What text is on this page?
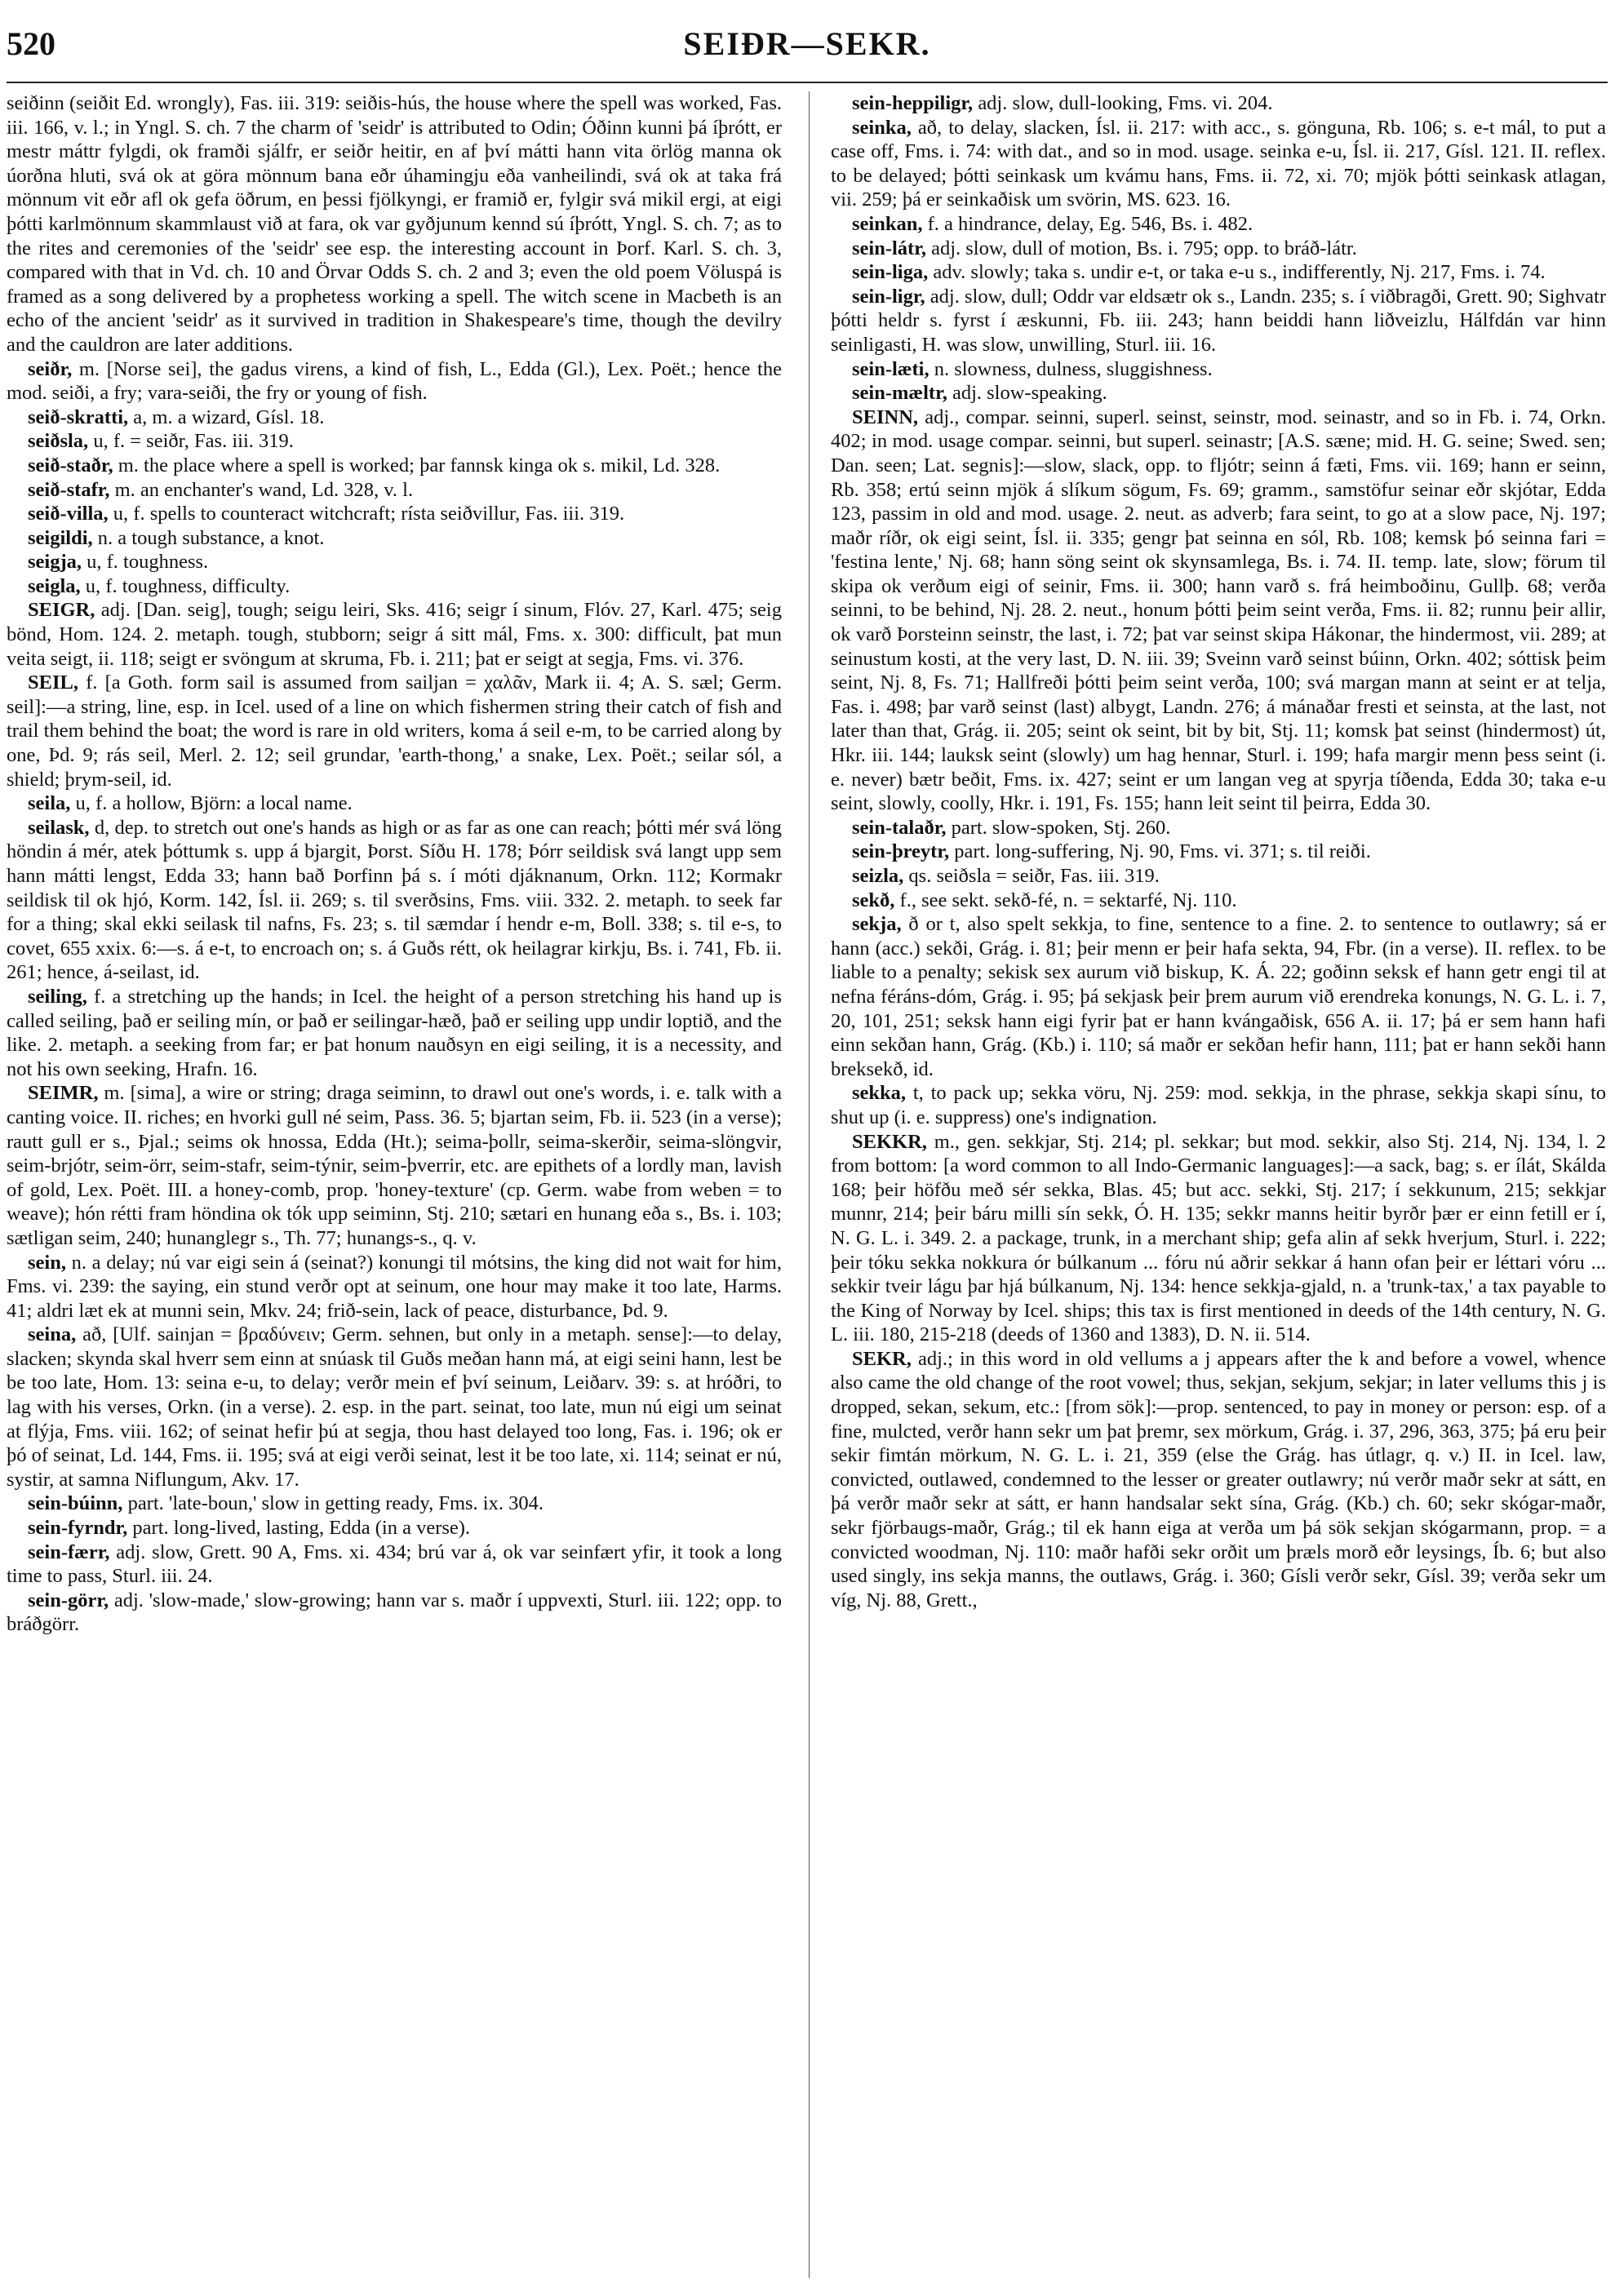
520	SEIÐR—SEKR.

seiðinn (seiðit Ed. wrongly), Fas. iii. 319: seiðis-hús, the house where the spell was worked, Fas. iii. 166, v. l.; in Yngl. S. ch. 7 the charm of 'seidr' is attributed to Odin; Óðinn kunni þá íþrótt, er mestr máttr fylgdi, ok framði sjálfr, er seiðr heitir, en af því mátti hann vita örlög manna ok úorðna hluti, svá ok at göra mönnum bana eðr úhamingju eða vanheilindi, svá ok at taka frá mönnum vit eðr afl ok gefa öðrum, en þessi fjölkyngi, er framið er, fylgir svá mikil ergi, at eigi þótti karlmönnum skammlaust við at fara, ok var gyðjunum kennd sú íþrótt, Yngl. S. ch. 7; as to the rites and ceremonies of the 'seidr' see esp. the interesting account in Þorf. Karl. S. ch. 3, compared with that in Vd. ch. 10 and Örvar Odds S. ch. 2 and 3; even the old poem Völuspá is framed as a song delivered by a prophetess working a spell. The witch scene in Macbeth is an echo of the ancient 'seidr' as it survived in tradition in Shakespeare's time, though the devilry and the cauldron are later additions.

seiðr, m. [Norse sei], the gadus virens, a kind of fish, L., Edda (Gl.), Lex. Poët.; hence the mod. seiði, a fry; vara-seiði, the fry or young of fish.

seið-skratti, a, m. a wizard, Gísl. 18.

seiðsla, u, f. = seiðr, Fas. iii. 319.

seið-staðr, m. the place where a spell is worked; þar fannsk kinga ok s. mikil, Ld. 328.

seið-stafr, m. an enchanter's wand, Ld. 328, v. l.

seið-villa, u, f. spells to counteract witchcraft; rísta seiðvillur, Fas. iii. 319.

seigildi, n. a tough substance, a knot.

seigja, u, f. toughness.

seigla, u, f. toughness, difficulty.

SEIGR, adj. [Dan. seig], tough; seigu leiri, Sks. 416; seigr í sinum, Flóv. 27, Karl. 475; seig bönd, Hom. 124. 2. metaph. tough, stubborn; seigr á sitt mál, Fms. x. 300: difficult, þat mun veita seigt, ii. 118; seigt er svöngum at skruma, Fb. i. 211; þat er seigt at segja, Fms. vi. 376.

SEIL, f. [a Goth. form sail is assumed from sailjan = χαλᾶν, Mark ii. 4; A. S. sæl; Germ. seil]:—a string, line, esp. in Icel. used of a line on which fishermen string their catch of fish and trail them behind the boat; the word is rare in old writers, koma á seil e-m, to be carried along by one, Þd. 9; rás seil, Merl. 2. 12; seil grundar, 'earth-thong,' a snake, Lex. Poët.; seilar sól, a shield; þrym-seil, id.

seila, u, f. a hollow, Björn: a local name.

seilask, d, dep. to stretch out one's hands as high or as far as one can reach; þótti mér svá löng höndin á mér, atek þóttumk s. upp á bjargit, Þorst. Síðu H. 178; Þórr seildisk svá langt upp sem hann mátti lengst, Edda 33; hann bað Þorfinn þá s. í móti djáknanum, Orkn. 112; Kormakr seildisk til ok hjó, Korm. 142, Ísl. ii. 269; s. til sverðsins, Fms. viii. 332. 2. metaph. to seek far for a thing; skal ekki seilask til nafns, Fs. 23; s. til sæmdar í hendr e-m, Boll. 338; s. til e-s, to covet, 655 xxix. 6:—s. á e-t, to encroach on; s. á Guðs rétt, ok heilagrar kirkju, Bs. i. 741, Fb. ii. 261; hence, á-seilast, id.

seiling, f. a stretching up the hands; in Icel. the height of a person stretching his hand up is called seiling, það er seiling mín, or það er seilingar-hæð, það er seiling upp undir loptið, and the like. 2. metaph. a seeking from far; er þat honum nauðsyn en eigi seiling, it is a necessity, and not his own seeking, Hrafn. 16.

SEIMR, m. [sima], a wire or string; draga seiminn, to drawl out one's words, i. e. talk with a canting voice. II. riches; en hvorki gull né seim, Pass. 36. 5; bjartan seim, Fb. ii. 523 (in a verse); rautt gull er s., Þjal.; seims ok hnossa, Edda (Ht.); seima-þollr, seima-skerðir, seima-slöngvir, seim-brjótr, seim-örr, seim-stafr, seim-týnir, seim-þverrir, etc. are epithets of a lordly man, lavish of gold, Lex. Poët. III. a honey-comb, prop. 'honey-texture' (cp. Germ. wabe from weben = to weave); hón rétti fram höndina ok tók upp seiminn, Stj. 210; sætari en hunang eða s., Bs. i. 103; sætligan seim, 240; hunanglegr s., Th. 77; hunangs-s., q. v.

sein, n. a delay; nú var eigi sein á (seinat?) konungi til mótsins, the king did not wait for him, Fms. vi. 239: the saying, ein stund verðr opt at seinum, one hour may make it too late, Harms. 41; aldri læt ek at munni sein, Mkv. 24; frið-sein, lack of peace, disturbance, Þd. 9.

seina, að, [Ulf. sainjan = βραδύνειν; Germ. sehnen, but only in a metaph. sense]:—to delay, slacken; skynda skal hverr sem einn at snúask til Guðs meðan hann má, at eigi seini hann, lest be be too late, Hom. 13: seina e-u, to delay; verðr mein ef því seinum, Leiðarv. 39: s. at hróðri, to lag with his verses, Orkn. (in a verse). 2. esp. in the part. seinat, too late, mun nú eigi um seinat at flýja, Fms. viii. 162; of seinat hefir þú at segja, thou hast delayed too long, Fas. i. 196; ok er þó of seinat, Ld. 144, Fms. ii. 195; svá at eigi verði seinat, lest it be too late, xi. 114; seinat er nú, systir, at samna Niflungum, Akv. 17.

sein-búinn, part. 'late-boun,' slow in getting ready, Fms. ix. 304.

sein-fyrndr, part. long-lived, lasting, Edda (in a verse).

sein-færr, adj. slow, Grett. 90 A, Fms. xi. 434; brú var á, ok var seinfært yfir, it took a long time to pass, Sturl. iii. 24.

sein-görr, adj. 'slow-made,' slow-growing; hann var s. maðr í uppvexti, Sturl. iii. 122; opp. to bráðgörr.

sein-heppiligr, adj. slow, dull-looking, Fms. vi. 204.

seinka, að, to delay, slacken, Ísl. ii. 217: with acc., s. gönguna, Rb. 106; s. e-t mál, to put a case off, Fms. i. 74: with dat., and so in mod. usage. seinka e-u, Ísl. ii. 217, Gísl. 121. II. reflex. to be delayed; þótti seinkask um kvámu hans, Fms. ii. 72, xi. 70; mjök þótti seinkask atlagan, vii. 259; þá er seinkaðisk um svörin, MS. 623. 16.

seinkan, f. a hindrance, delay, Eg. 546, Bs. i. 482.

sein-látr, adj. slow, dull of motion, Bs. i. 795; opp. to bráð-látr.

sein-liga, adv. slowly; taka s. undir e-t, or taka e-u s., indifferently, Nj. 217, Fms. i. 74.

sein-ligr, adj. slow, dull; Oddr var eldsætr ok s., Landn. 235; s. í viðbragði, Grett. 90; Sighvatr þótti heldr s. fyrst í æskunni, Fb. iii. 243; hann beiddi hann liðveizlu, Hálfdán var hinn seinligasti, H. was slow, unwilling, Sturl. iii. 16.

sein-læti, n. slowness, dulness, sluggishness.

sein-mæltr, adj. slow-speaking.

SEINN, adj., compar. seinni, superl. seinst, seinstr, mod. seinastr, and so in Fb. i. 74, Orkn. 402; in mod. usage compar. seinni, but superl. seinastr; [A.S. sæne; mid. H. G. seine; Swed. sen; Dan. seen; Lat. segnis]:—slow, slack, opp. to fljótr; seinn á fæti, Fms. vii. 169; hann er seinn, Rb. 358; ertú seinn mjök á slíkum sögum, Fs. 69; gramm., samstöfur seinar eðr skjótar, Edda 123, passim in old and mod. usage. 2. neut. as adverb; fara seint, to go at a slow pace, Nj. 197; maðr ríðr, ok eigi seint, Ísl. ii. 335; gengr þat seinna en sól, Rb. 108; kemsk þó seinna fari = 'festina lente,' Nj. 68; hann söng seint ok skynsamlega, Bs. i. 74. II. temp. late, slow; förum til skipa ok verðum eigi of seinir, Fms. ii. 300; hann varð s. frá heimboðinu, Gullþ. 68; verða seinni, to be behind, Nj. 28. 2. neut., honum þótti þeim seint verða, Fms. ii. 82; runnu þeir allir, ok varð Þorsteinn seinstr, the last, i. 72; þat var seinst skipa Hákonar, the hindermost, vii. 289; at seinustum kosti, at the very last, D. N. iii. 39; Sveinn varð seinst búinn, Orkn. 402; sóttisk þeim seint, Nj. 8, Fs. 71; Hallfreði þótti þeim seint verða, 100; svá margan mann at seint er at telja, Fas. i. 498; þar varð seinst (last) albygt, Landn. 276; á mánaðar fresti et seinsta, at the last, not later than that, Grág. ii. 205; seint ok seint, bit by bit, Stj. 11; komsk þat seinst (hindermost) út, Hkr. iii. 144; lauksk seint (slowly) um hag hennar, Sturl. i. 199; hafa margir menn þess seint (i. e. never) bætr beðit, Fms. ix. 427; seint er um langan veg at spyrja tíðenda, Edda 30; taka e-u seint, slowly, coolly, Hkr. i. 191, Fs. 155; hann leit seint til þeirra, Edda 30.

sein-talaðr, part. slow-spoken, Stj. 260.

sein-þreytr, part. long-suffering, Nj. 90, Fms. vi. 371; s. til reiði.

seizla, qs. seiðsla = seiðr, Fas. iii. 319.

sekð, f., see sekt. sekð-fé, n. = sektarfé, Nj. 110.

sekja, ð or t, also spelt sekkja, to fine, sentence to a fine. 2. to sentence to outlawry; sá er hann (acc.) sekði, Grág. i. 81; þeir menn er þeir hafa sekta, 94, Fbr. (in a verse). II. reflex. to be liable to a penalty; sekisk sex aurum við biskup, K. Á. 22; goðinn seksk ef hann getr engi til at nefna féráns-dóm, Grág. i. 95; þá sekjask þeir þrem aurum við erendreka konungs, N. G. L. i. 7, 20, 101, 251; seksk hann eigi fyrir þat er hann kvángaðisk, 656 A. ii. 17; þá er sem hann hafi einn sekðan hann, Grág. (Kb.) i. 110; sá maðr er sekðan hefir hann, 111; þat er hann sekði hann breksekð, id.

sekka, t, to pack up; sekka vöru, Nj. 259: mod. sekkja, in the phrase, sekkja skapi sínu, to shut up (i. e. suppress) one's indignation.

SEKKR, m., gen. sekkjar, Stj. 214; pl. sekkar; but mod. sekkir, also Stj. 214, Nj. 134, l. 2 from bottom: [a word common to all Indo-Germanic languages]:—a sack, bag; s. er ílát, Skálda 168; þeir höfðu með sér sekka, Blas. 45; but acc. sekki, Stj. 217; í sekkunum, 215; sekkjar munnr, 214; þeir báru milli sín sekk, Ó. H. 135; sekkr manns heitir byrðr þær er einn fetill er í, N. G. L. i. 349. 2. a package, trunk, in a merchant ship; gefa alin af sekk hverjum, Sturl. i. 222; þeir tóku sekka nokkura ór búlkanum ... fóru nú aðrir sekkar á hann ofan þeir er léttari vóru ... sekkir tveir lágu þar hjá búlkanum, Nj. 134: hence sekkja-gjald, n. a 'trunk-tax,' a tax payable to the King of Norway by Icel. ships; this tax is first mentioned in deeds of the 14th century, N. G. L. iii. 180, 215-218 (deeds of 1360 and 1383), D. N. ii. 514.

SEKR, adj.; in this word in old vellums a j appears after the k and before a vowel, whence also came the old change of the root vowel; thus, sekjan, sekjum, sekjar; in later vellums this j is dropped, sekan, sekum, etc.: [from sök]:—prop. sentenced, to pay in money or person: esp. of a fine, mulcted, verðr hann sekr um þat þremr, sex mörkum, Grág. i. 37, 296, 363, 375; þá eru þeir sekir fimtán mörkum, N. G. L. i. 21, 359 (else the Grág. has útlagr, q. v.) II. in Icel. law, convicted, outlawed, condemned to the lesser or greater outlawry; nú verðr maðr sekr at sátt, en þá verðr maðr sekr at sátt, er hann handsalar sekt sína, Grág. (Kb.) ch. 60; sekr skógar-maðr, sekr fjörbaugs-maðr, Grág.; til ek hann eiga at verða um þá sök sekjan skógarmann, prop. = a convicted woodman, Nj. 110: maðr hafði sekr orðit um þræls morð eðr leysings, Íb. 6; but also used singly, ins sekja manns, the outlaws, Grág. i. 360; Gísli verðr sekr, Gísl. 39; verða sekr um víg, Nj. 88, Grett.,
